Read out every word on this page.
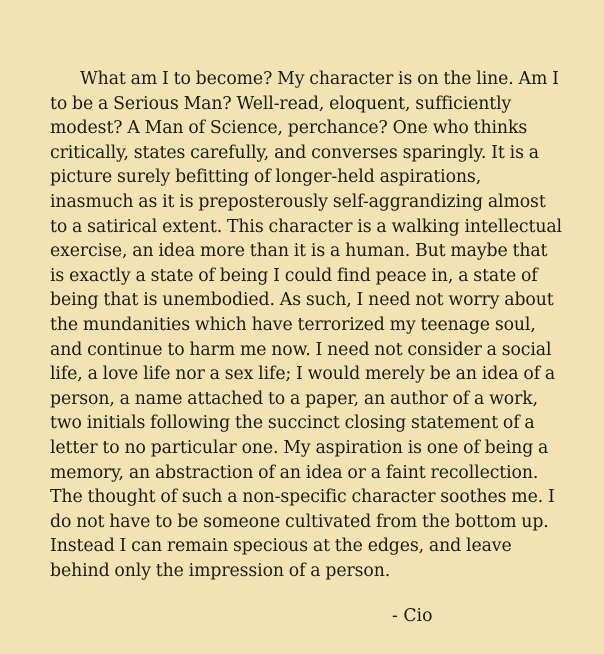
What am I to become? My character is on the line. Am I to be a Serious Man? Well-read, eloquent, sufficiently modest? A Man of Science, perchance? One who thinks critically, states carefully, and converses sparingly. It is a picture surely befitting of longer-held aspirations, inasmuch as it is preposterously self-aggrandizing almost to a satirical extent. This character is a walking intellectual exercise, an idea more than it is a human. But maybe that is exactly a state of being I could find peace in, a state of being that is unembodied. As such, I need not worry about the mundanities which have terrorized my teenage soul, and continue to harm me now. I need not consider a social life, a love life nor a sex life; I would merely be an idea of a person, a name attached to a paper, an author of a work, two initials following the succinct closing statement of a letter to no particular one. My aspiration is one of being a memory, an abstraction of an idea or a faint recollection. The thought of such a non-specific character soothes me. I do not have to be someone cultivated from the bottom up. Instead I can remain specious at the edges, and leave behind only the impression of a person.

- Cio
